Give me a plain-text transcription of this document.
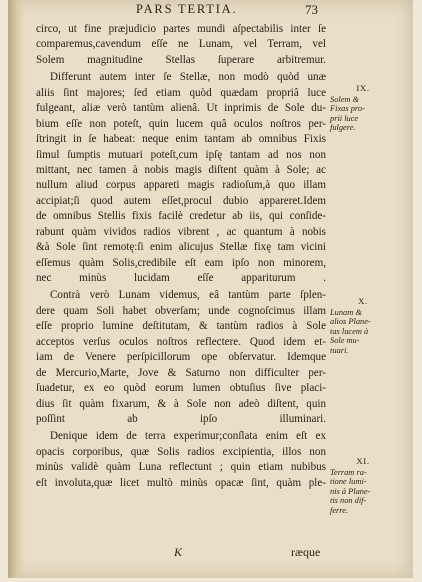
PARS TERTIA.	73
circo, ut fine præjudicio partes mundi aſpectabilis inter ſe
comparemus,cavendum eſſe ne Lunam, vel Terram, vel
Solem magnitudine Stellas ſuperare arbitremur.
Differunt autem inter ſe Stellæ, non modò quòd unæ
aliis ſint majores; ſed etiam quòd quædam propriâ luce
fulgeant, aliæ verò tantùm alienâ. Ut inprimis de Sole du-
bium eſſe non poteſt, quin lucem quâ oculos noſtros per-
ſtringit in ſe habeat: neque enim tantam ab omnibus Fixis
ſimul ſumptis mutuari poteſt,cum ipſę tantam ad nos non
mittant, nec tamen à nobis magis diſtent quàm à Sole; ac
nullum aliud corpus appareti magis radioſum,à quo illam
accipiat;ſi quod autem eſſet,procul dubio appareret.Idem
de omnibus Stellis fixis facilè credetur ab iis, qui conſide-
rabunt quàm vividos radios vibrent , ac quantum à nobis
&à Sole ſint remotę:ſi enim alicujus Stellæ fixę tam vicini
eſſemus quàm Solis,credibile eſt eam ipſo non minorem,
nec minùs lucidam eſſe appariturum .
Contrà verò Lunam videmus, eâ tantùm parte ſplen-
dere quam Soli habet obverſam; unde cognoſcimus illam
eſſe proprio lumine deſtitutam, & tantùm radios à Sole
acceptos verſus oculos noſtros reflectere. Quod idem et-
iam de Venere perſpicillorum ope obſervatur. Idemque
de Mercurio,Marte, Jove & Saturno non difficulter per-
ſuadetur, ex eo quòd eorum lumen obtuſius ſive placi-
dius ſit quàm fixarum, & à Sole non adeò diſtent, quin
poſſint ab ipſo illuminari.
Denique idem de terra experimur;conſlata enim eſt ex
opacis corporibus, quæ Solis radios excipientia, illos non
minùs validè quàm Luna reflectunt ; quin etiam nubibus
eſt involuta,quæ licet multò minùs opacæ ſint, quàm ple-
IX.
Solem &
Fixas pro-
prii luce
fulgere.
X.
Lunam &
alios Plane-
tas lucem à
Sole mu-
tuari.
XI.
Terram ra-
tione lumi-
nis à Plane-
tis non dif-
ferre.
K	ræque
